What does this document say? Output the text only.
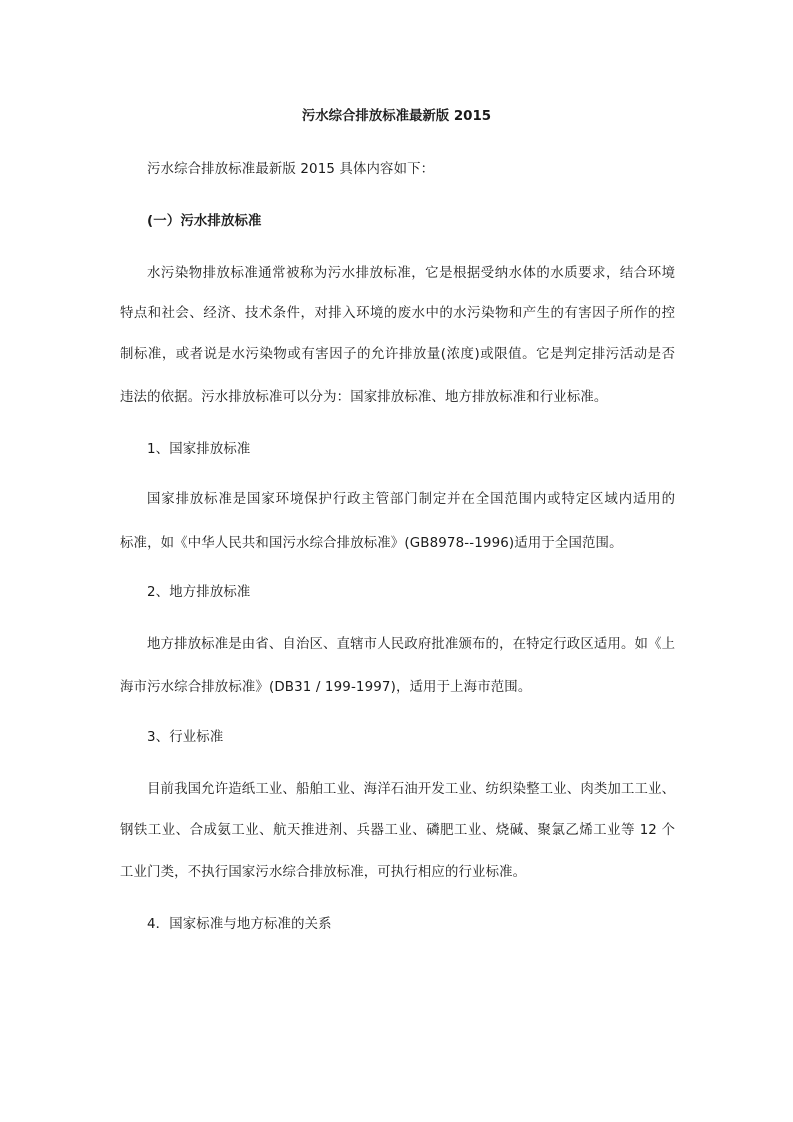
污水综合排放标准最新版 2015
污水综合排放标准最新版 2015 具体内容如下：
(一）污水排放标准
水污染物排放标准通常被称为污水排放标准，它是根据受纳水体的水质要求，结合环境
特点和社会、经济、技术条件，对排入环境的废水中的水污染物和产生的有害因子所作的控
制标准，或者说是水污染物或有害因子的允许排放量(浓度)或限值。它是判定排污活动是否
违法的依据。污水排放标准可以分为：国家排放标准、地方排放标准和行业标准。
1、国家排放标准
国家排放标准是国家环境保护行政主管部门制定并在全国范围内或特定区域内适用的
标准，如《中华人民共和国污水综合排放标准》(GB8978--1996)适用于全国范围。
2、地方排放标准
地方排放标准是由省、自治区、直辖市人民政府批准颁布的，在特定行政区适用。如《上
海市污水综合排放标准》(DB31 / 199-1997)，适用于上海市范围。
3、行业标准
目前我国允许造纸工业、船舶工业、海洋石油开发工业、纺织染整工业、肉类加工工业、
钢铁工业、合成氨工业、航天推进剂、兵器工业、磷肥工业、烧碱、聚氯乙烯工业等 12 个
工业门类，不执行国家污水综合排放标准，可执行相应的行业标准。
4．国家标准与地方标准的关系
